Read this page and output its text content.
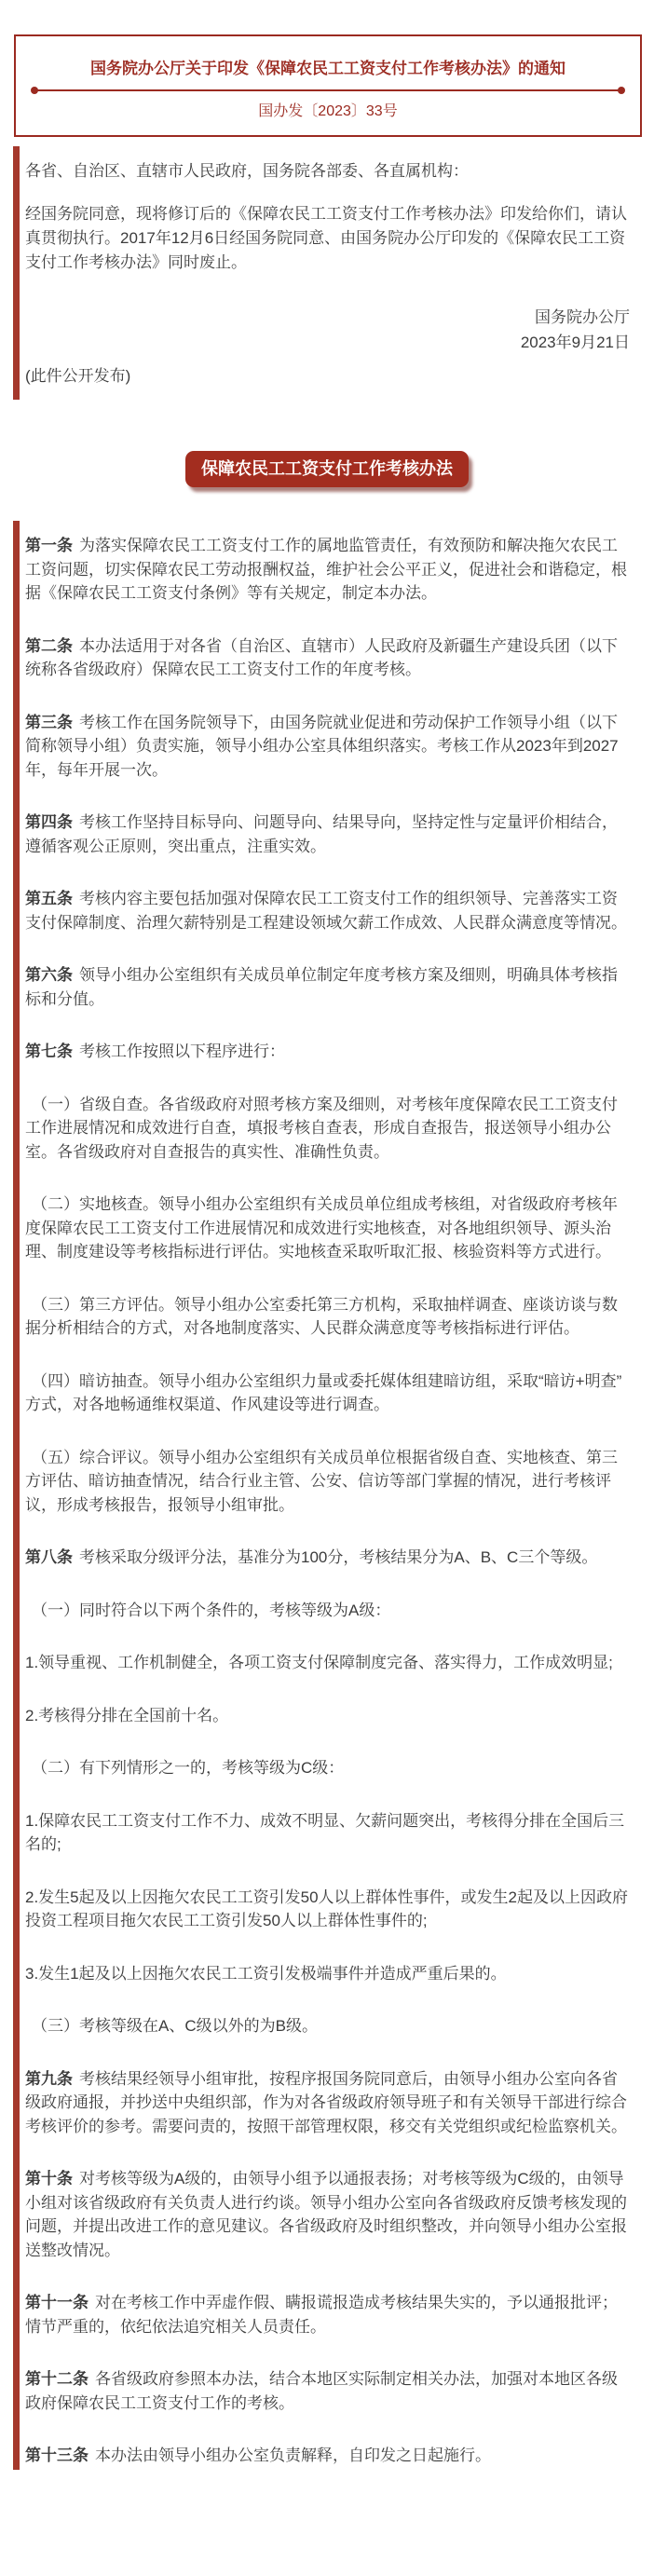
国务院办公厅关于印发《保障农民工工资支付工作考核办法》的通知
国办发〔2023〕33号

各省、自治区、直辖市人民政府，国务院各部委、各直属机构：

经国务院同意，现将修订后的《保障农民工工资支付工作考核办法》印发给你们，请认真贯彻执行。2017年12月6日经国务院同意、由国务院办公厅印发的《保障农民工工资支付工作考核办法》同时废止。

国务院办公厅
2023年9月21日

(此件公开发布)

保障农民工工资支付工作考核办法

第一条 为落实保障农民工工资支付工作的属地监管责任，有效预防和解决拖欠农民工工资问题，切实保障农民工劳动报酬权益，维护社会公平正义，促进社会和谐稳定，根据《保障农民工工资支付条例》等有关规定，制定本办法。

第二条 本办法适用于对各省（自治区、直辖市）人民政府及新疆生产建设兵团（以下统称各省级政府）保障农民工工资支付工作的年度考核。

第三条 考核工作在国务院领导下，由国务院就业促进和劳动保护工作领导小组（以下简称领导小组）负责实施，领导小组办公室具体组织落实。考核工作从2023年到2027年，每年开展一次。

第四条 考核工作坚持目标导向、问题导向、结果导向，坚持定性与定量评价相结合，遵循客观公正原则，突出重点，注重实效。

第五条 考核内容主要包括加强对保障农民工工资支付工作的组织领导、完善落实工资支付保障制度、治理欠薪特别是工程建设领域欠薪工作成效、人民群众满意度等情况。

第六条 领导小组办公室组织有关成员单位制定年度考核方案及细则，明确具体考核指标和分值。

第七条 考核工作按照以下程序进行：

（一）省级自查。各省级政府对照考核方案及细则，对考核年度保障农民工工资支付工作进展情况和成效进行自查，填报考核自查表，形成自查报告，报送领导小组办公室。各省级政府对自查报告的真实性、准确性负责。

（二）实地核查。领导小组办公室组织有关成员单位组成考核组，对省级政府考核年度保障农民工工资支付工作进展情况和成效进行实地核查，对各地组织领导、源头治理、制度建设等考核指标进行评估。实地核查采取听取汇报、核验资料等方式进行。

（三）第三方评估。领导小组办公室委托第三方机构，采取抽样调查、座谈访谈与数据分析相结合的方式，对各地制度落实、人民群众满意度等考核指标进行评估。

（四）暗访抽查。领导小组办公室组织力量或委托媒体组建暗访组，采取“暗访+明查”方式，对各地畅通维权渠道、作风建设等进行调查。

（五）综合评议。领导小组办公室组织有关成员单位根据省级自查、实地核查、第三方评估、暗访抽查情况，结合行业主管、公安、信访等部门掌握的情况，进行考核评议，形成考核报告，报领导小组审批。

第八条 考核采取分级评分法，基准分为100分，考核结果分为A、B、C三个等级。

（一）同时符合以下两个条件的，考核等级为A级：

1.领导重视、工作机制健全，各项工资支付保障制度完备、落实得力，工作成效明显;

2.考核得分排在全国前十名。

（二）有下列情形之一的，考核等级为C级：

1.保障农民工工资支付工作不力、成效不明显、欠薪问题突出，考核得分排在全国后三名的;

2.发生5起及以上因拖欠农民工工资引发50人以上群体性事件，或发生2起及以上因政府投资工程项目拖欠农民工工资引发50人以上群体性事件的;

3.发生1起及以上因拖欠农民工工资引发极端事件并造成严重后果的。

（三）考核等级在A、C级以外的为B级。

第九条 考核结果经领导小组审批，按程序报国务院同意后，由领导小组办公室向各省级政府通报，并抄送中央组织部，作为对各省级政府领导班子和有关领导干部进行综合考核评价的参考。需要问责的，按照干部管理权限，移交有关党组织或纪检监察机关。

第十条 对考核等级为A级的，由领导小组予以通报表扬；对考核等级为C级的，由领导小组对该省级政府有关负责人进行约谈。领导小组办公室向各省级政府反馈考核发现的问题，并提出改进工作的意见建议。各省级政府及时组织整改，并向领导小组办公室报送整改情况。

第十一条 对在考核工作中弄虚作假、瞒报谎报造成考核结果失实的，予以通报批评；情节严重的，依纪依法追究相关人员责任。

第十二条 各省级政府参照本办法，结合本地区实际制定相关办法，加强对本地区各级政府保障农民工工资支付工作的考核。

第十三条 本办法由领导小组办公室负责解释，自印发之日起施行。
